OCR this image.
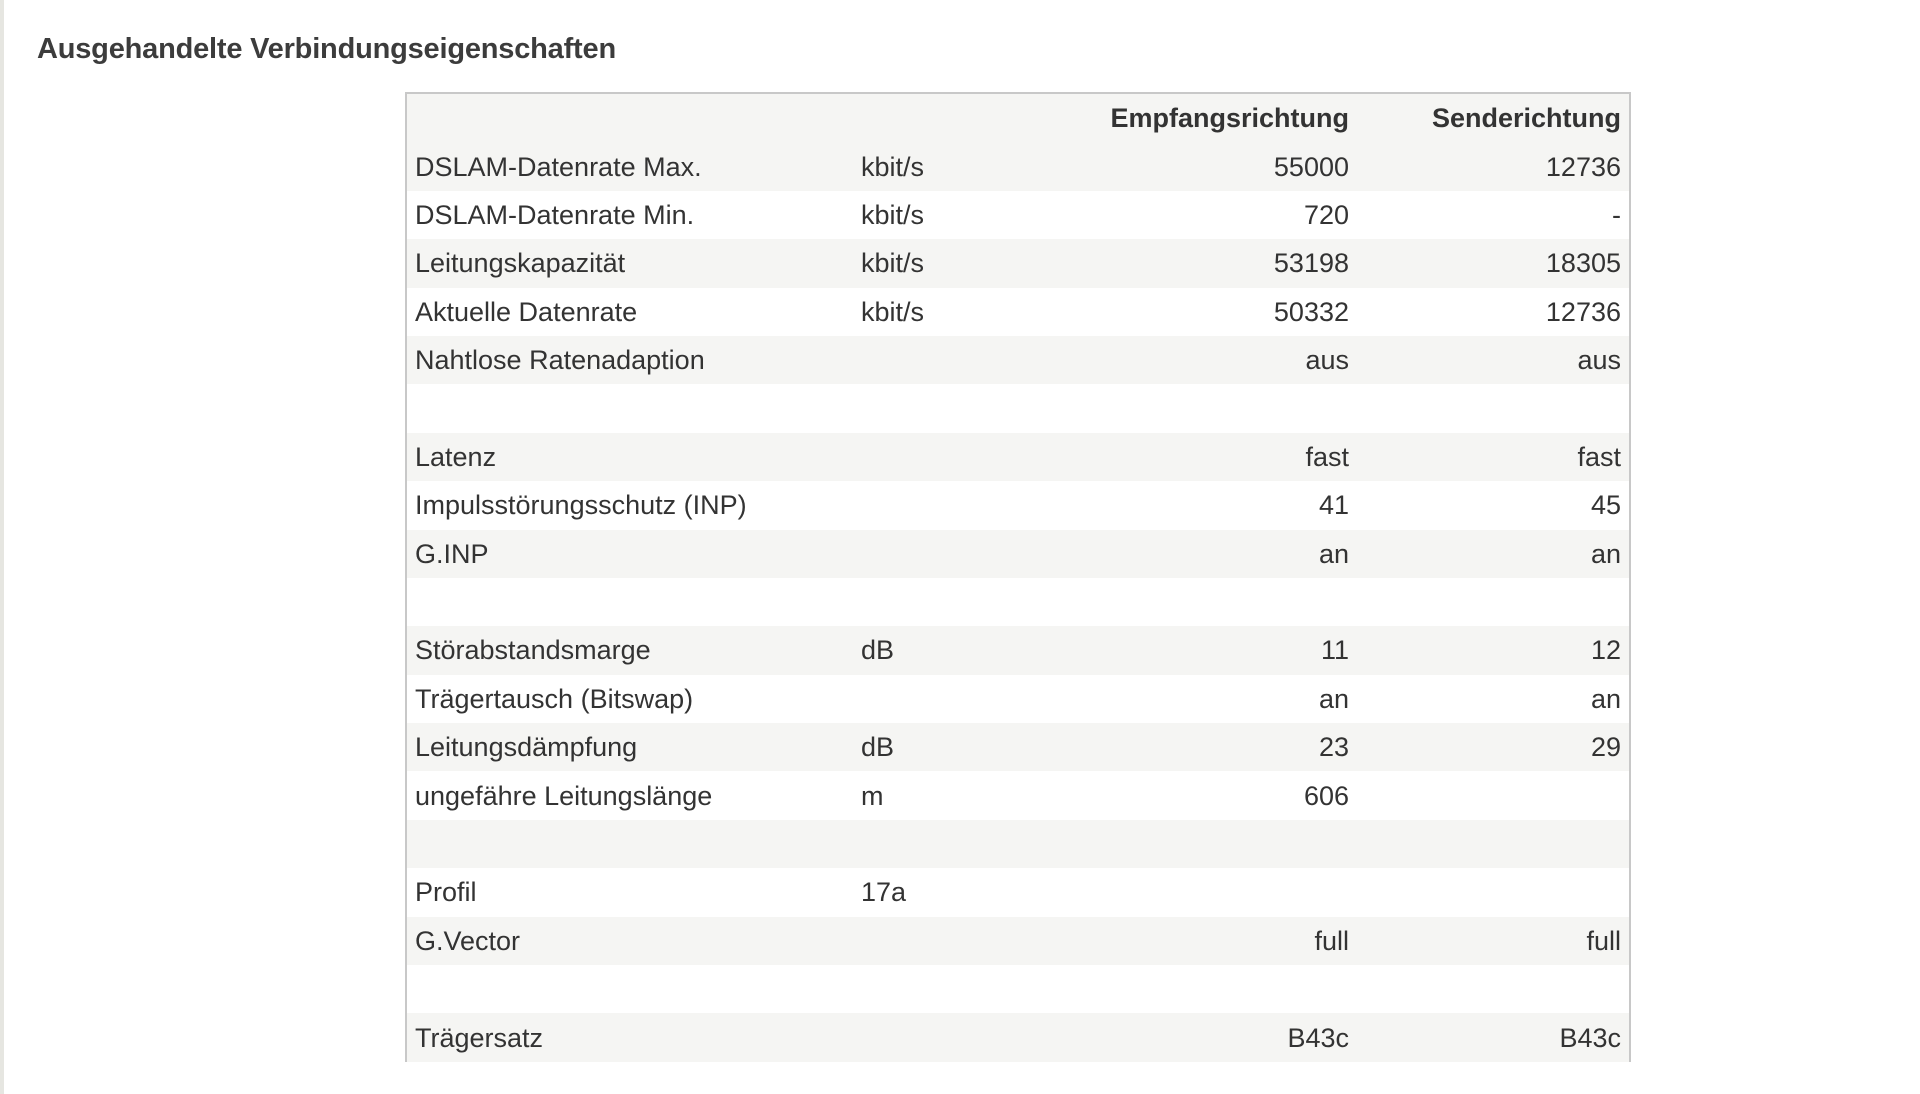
Ausgehandelte Verbindungseigenschaften
		Empfangsrichtung	Senderichtung
DSLAM-Datenrate Max.	kbit/s	55000	12736
DSLAM-Datenrate Min.	kbit/s	720	-
Leitungskapazität	kbit/s	53198	18305
Aktuelle Datenrate	kbit/s	50332	12736
Nahtlose Ratenadaption		aus	aus

Latenz		fast	fast
Impulsstörungsschutz (INP)		41	45
G.INP		an	an

Störabstandsmarge	dB	11	12
Trägertausch (Bitswap)		an	an
Leitungsdämpfung	dB	23	29
ungefähre Leitungslänge	m	606	

Profil	17a		
G.Vector		full	full

Trägersatz		B43c	B43c
